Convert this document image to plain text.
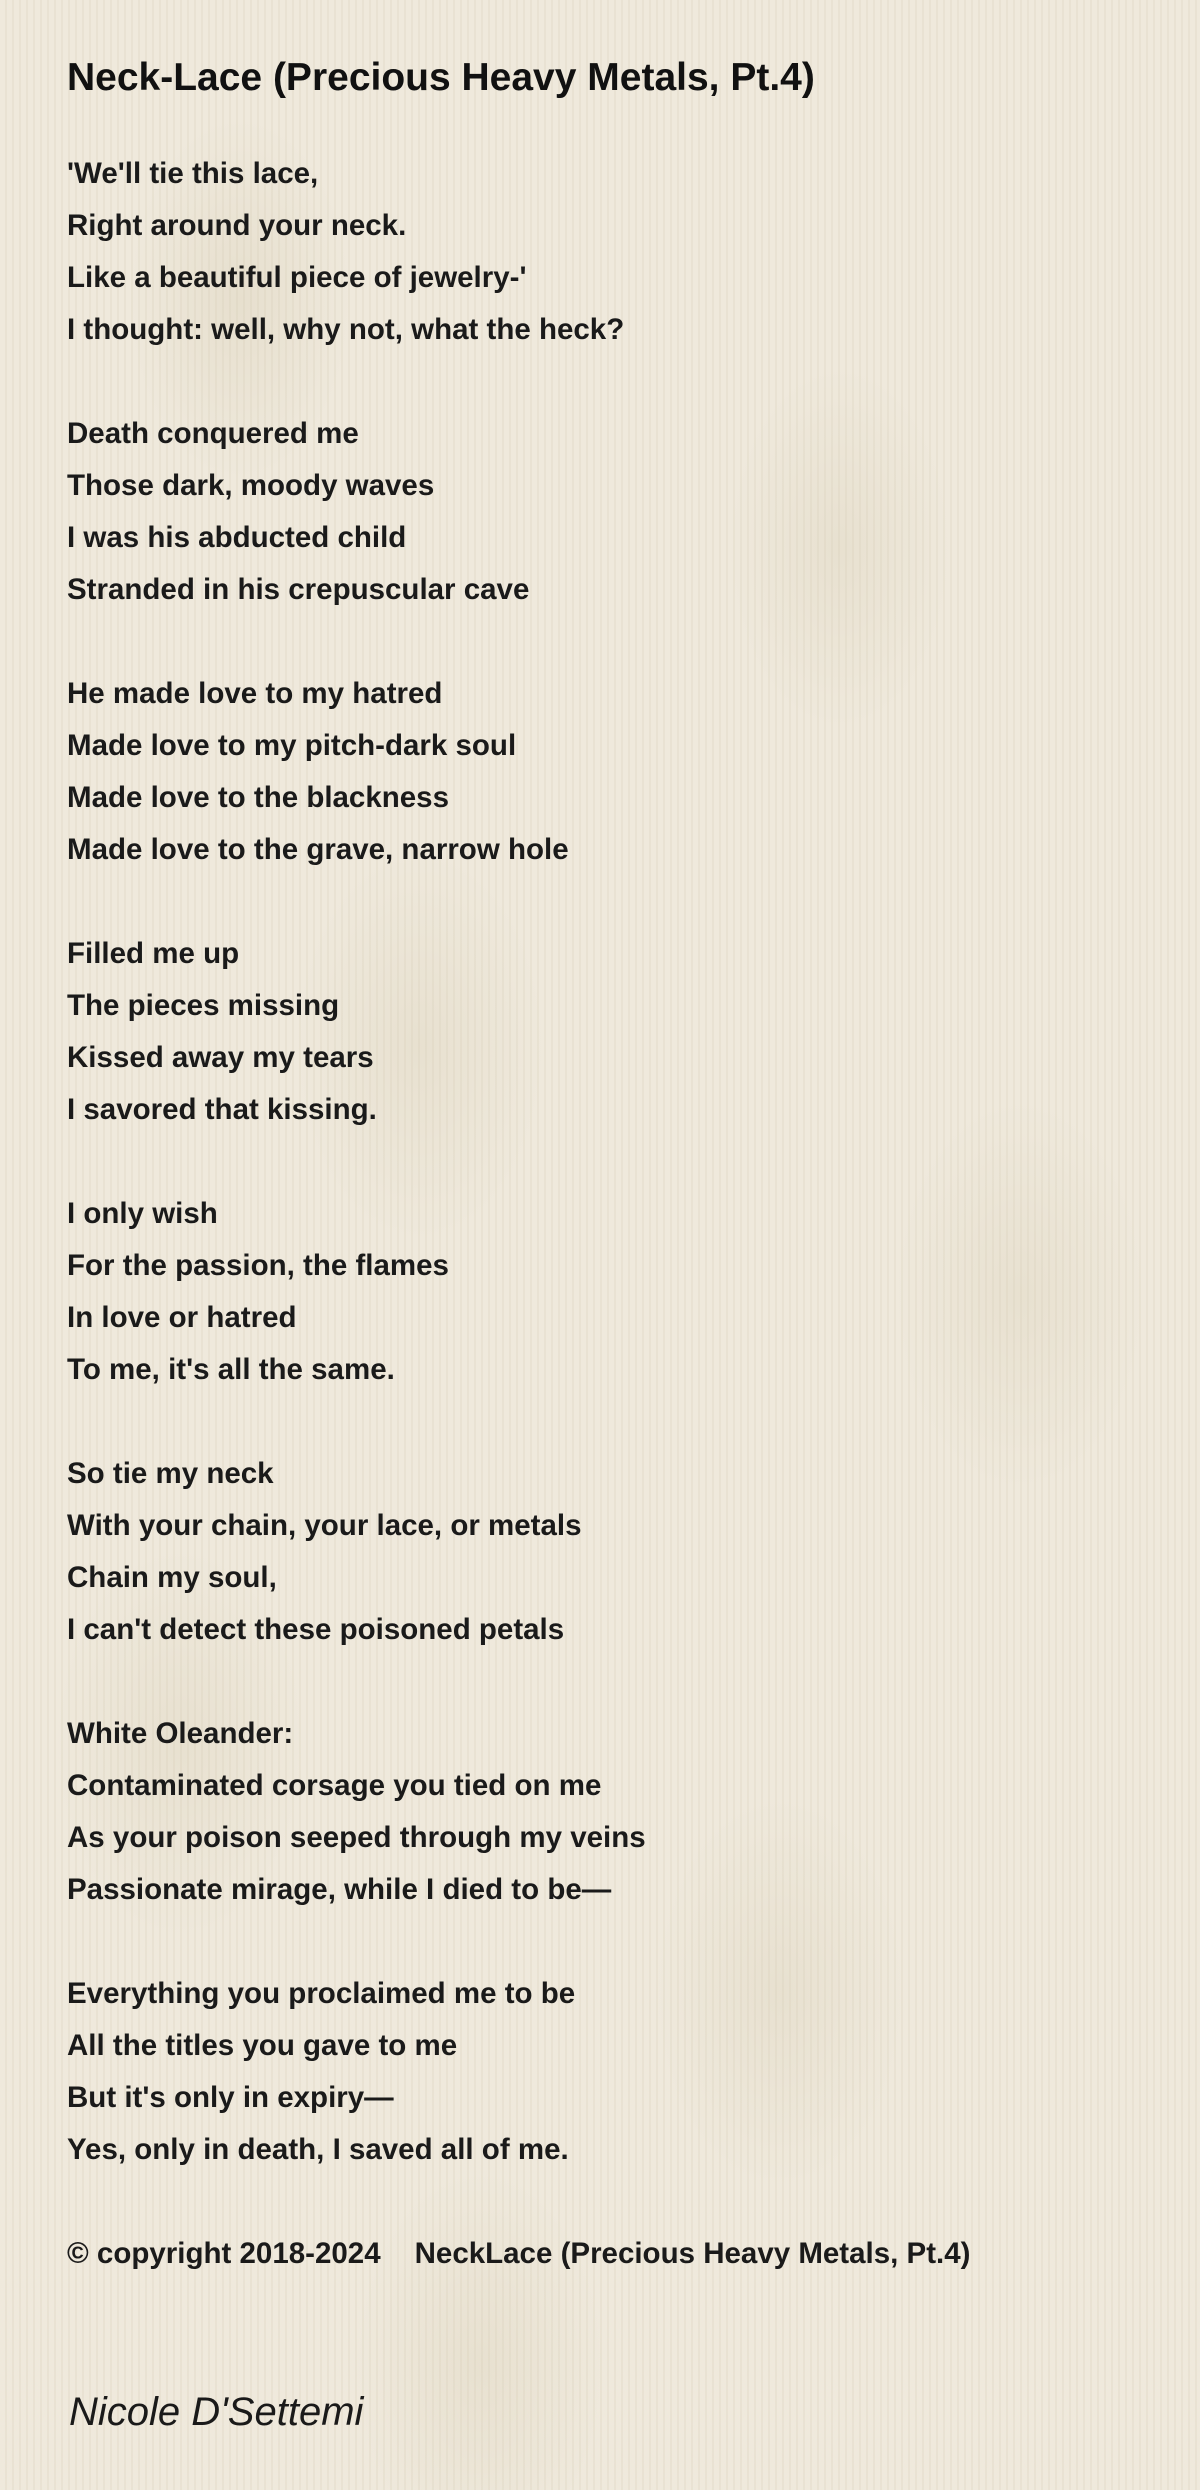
Neck-Lace (Precious Heavy Metals, Pt.4)
'We'll tie this lace,
Right around your neck.
Like a beautiful piece of jewelry-'
I thought: well, why not, what the heck?
Death conquered me
Those dark, moody waves
I was his abducted child
Stranded in his crepuscular cave
He made love to my hatred
Made love to my pitch-dark soul
Made love to the blackness
Made love to the grave, narrow hole
Filled me up
The pieces missing
Kissed away my tears
I savored that kissing.
I only wish
For the passion, the flames
In love or hatred
To me, it's all the same.
So tie my neck
With your chain, your lace, or metals
Chain my soul,
I can't detect these poisoned petals
White Oleander:
Contaminated corsage you tied on me
As your poison seeped through my veins
Passionate mirage, while I died to be—
Everything you proclaimed me to be
All the titles you gave to me
But it's only in expiry—
Yes, only in death, I saved all of me.
© copyright 2018-2024 NeckLace (Precious Heavy Metals, Pt.4)
Nicole D'Settemi
